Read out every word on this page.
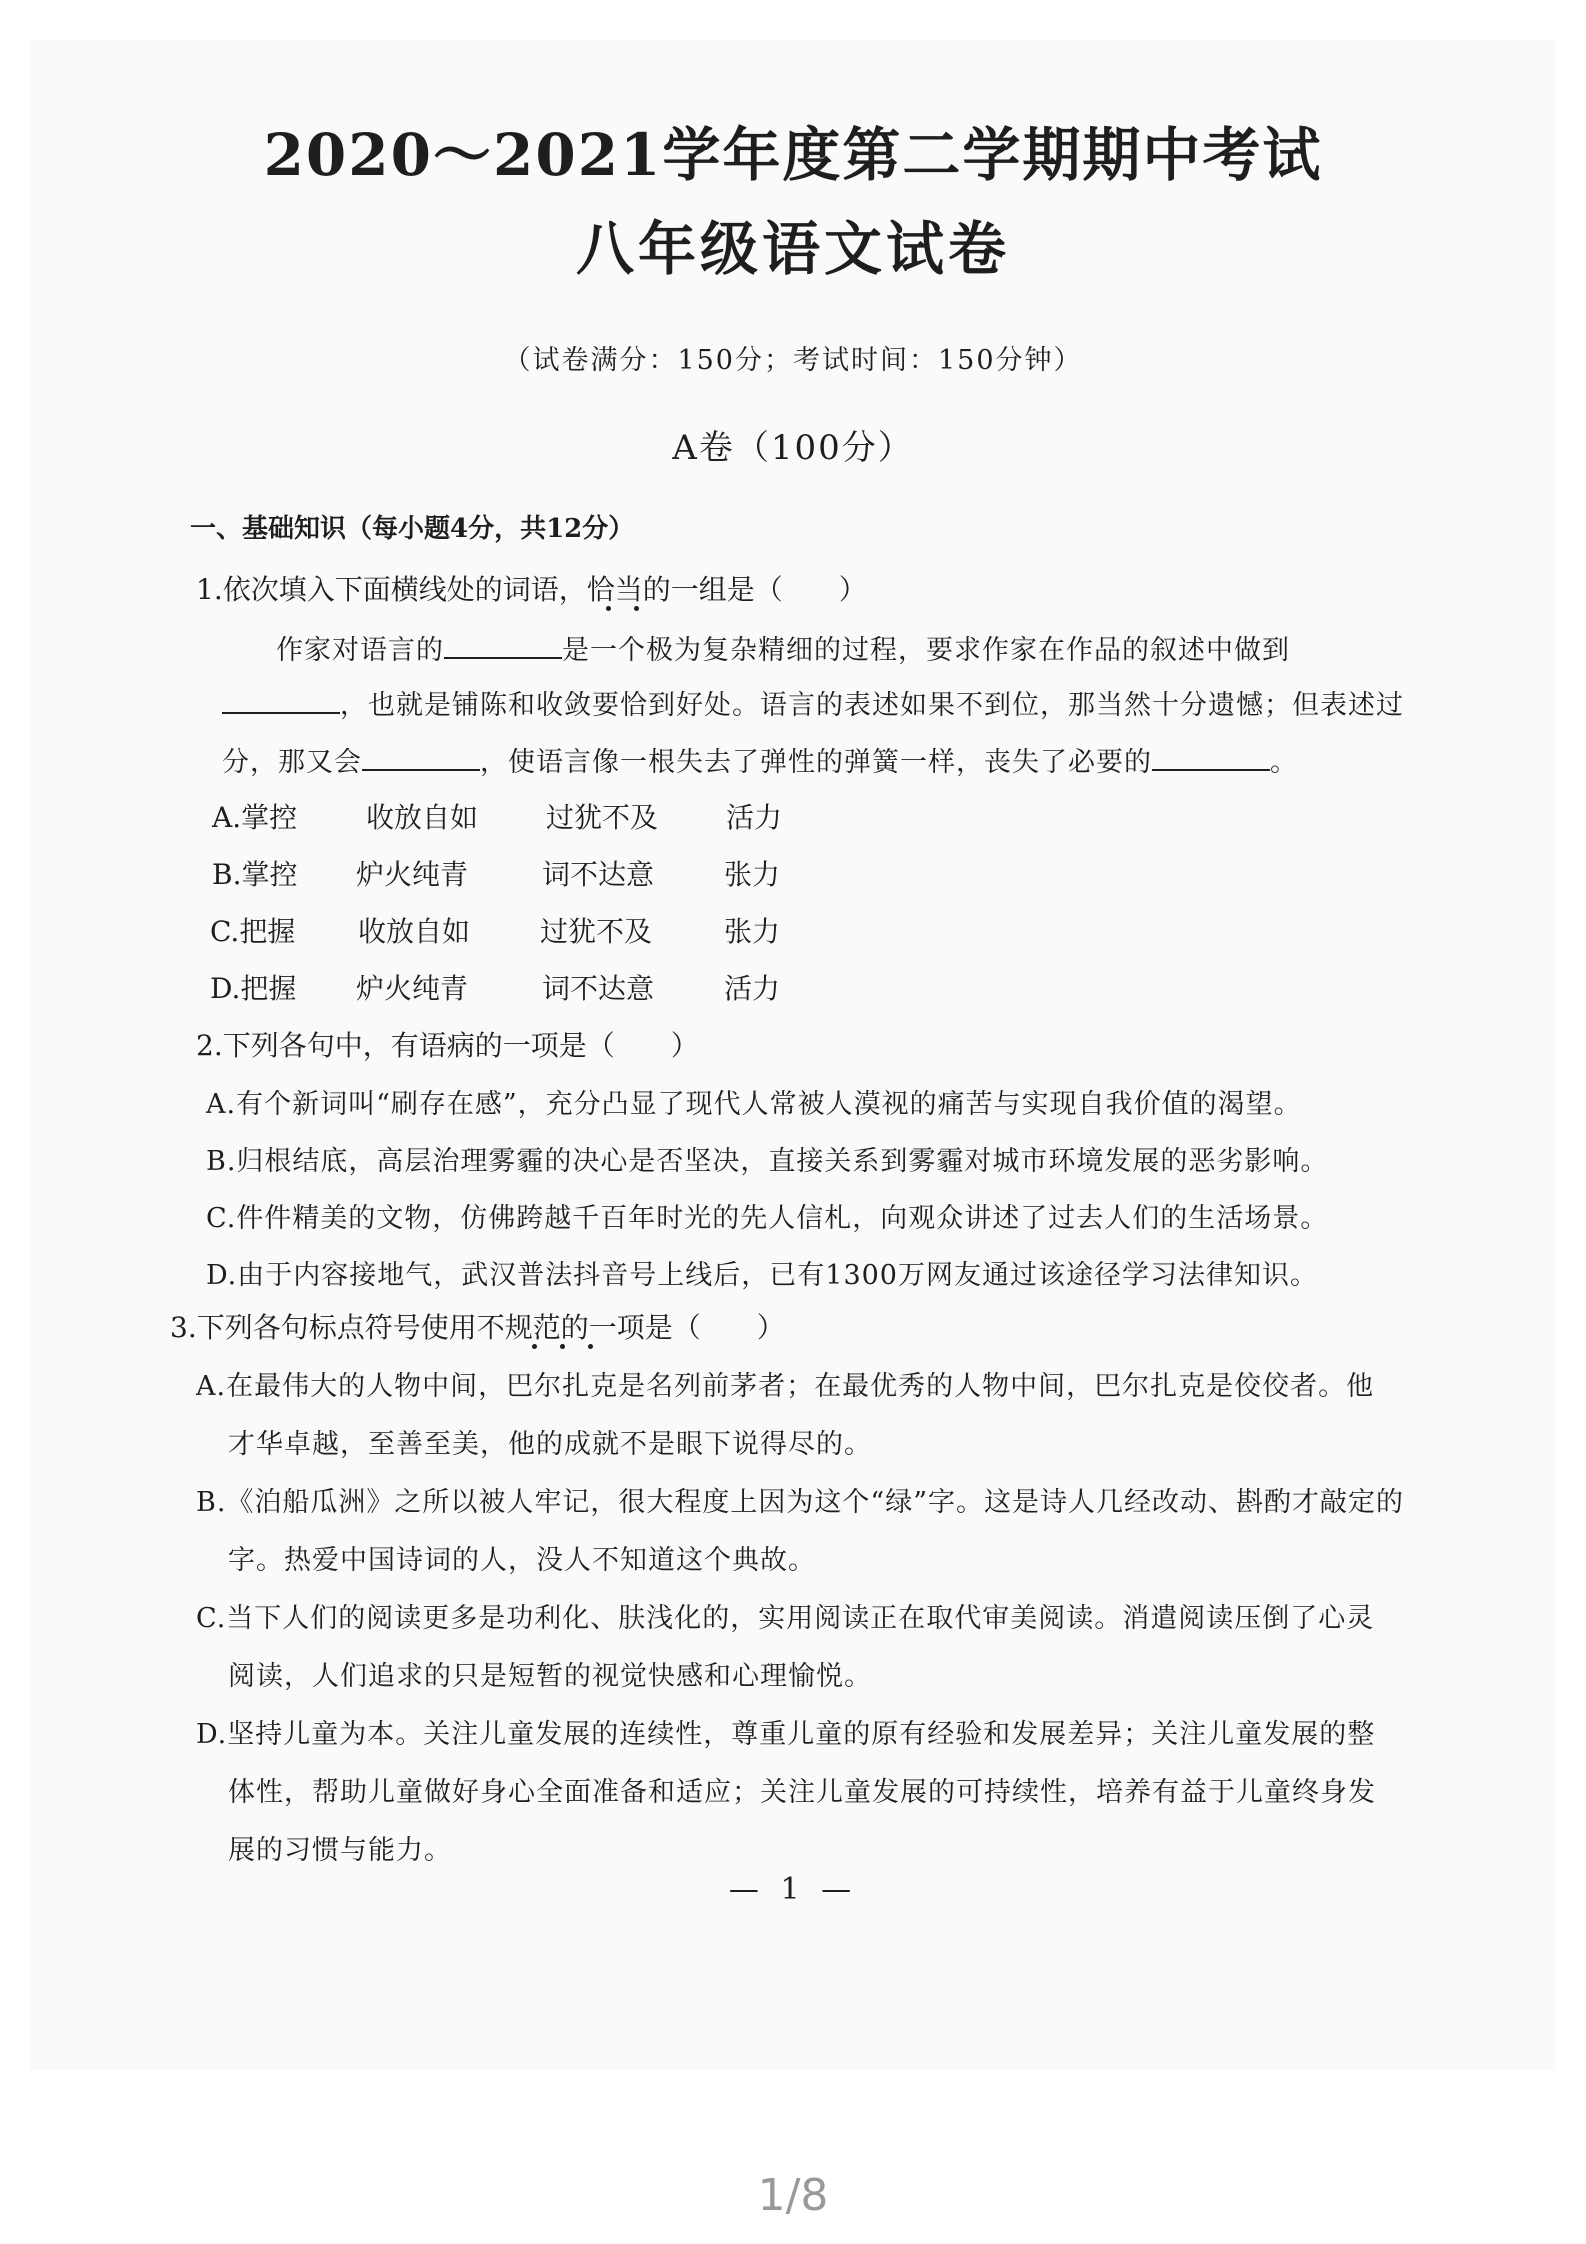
2020～2021学年度第二学期期中考试
八年级语文试卷
（试卷满分：150分；考试时间：150分钟）
A卷（100分）
一、基础知识（每小题4分，共12分）
1.依次填入下面横线处的词语，恰当的一组是（　　）
作家对语言的	是一个极为复杂精细的过程，要求作家在作品的叙述中做到
，也就是铺陈和收敛要恰到好处。语言的表述如果不到位，那当然十分遗憾；但表述过
分，那又会	，使语言像一根失去了弹性的弹簧一样，丧失了必要的	。
A.掌控 收放自如 过犹不及 活力
B.掌控 炉火纯青	词不达意 张力
C.把握 收放自如 过犹不及	张力
D.把握 炉火纯青	词不达意 活力
2.下列各句中，有语病的一项是（　　）
A.有个新词叫“刷存在感”，充分凸显了现代人常被人漠视的痛苦与实现自我价值的渴望。
B.归根结底，高层治理雾霾的决心是否坚决，直接关系到雾霾对城市环境发展的恶劣影响。
C.件件精美的文物，仿佛跨越千百年时光的先人信札，向观众讲述了过去人们的生活场景。
D.由于内容接地气，武汉普法抖音号上线后，已有1300万网友通过该途径学习法律知识。
3.下列各句标点符号使用不规范的一项是（　　）
A.在最伟大的人物中间，巴尔扎克是名列前茅者；在最优秀的人物中间，巴尔扎克是佼佼者。他
才华卓越，至善至美，他的成就不是眼下说得尽的。
B.《泊船瓜洲》之所以被人牢记，很大程度上因为这个“绿”字。这是诗人几经改动、斟酌才敲定的
字。热爱中国诗词的人，没人不知道这个典故。
C.当下人们的阅读更多是功利化、肤浅化的，实用阅读正在取代审美阅读。消遣阅读压倒了心灵
阅读，人们追求的只是短暂的视觉快感和心理愉悦。
D.坚持儿童为本。关注儿童发展的连续性，尊重儿童的原有经验和发展差异；关注儿童发展的整
体性，帮助儿童做好身心全面准备和适应；关注儿童发展的可持续性，培养有益于儿童终身发
展的习惯与能力。
— 1 —
1/8
